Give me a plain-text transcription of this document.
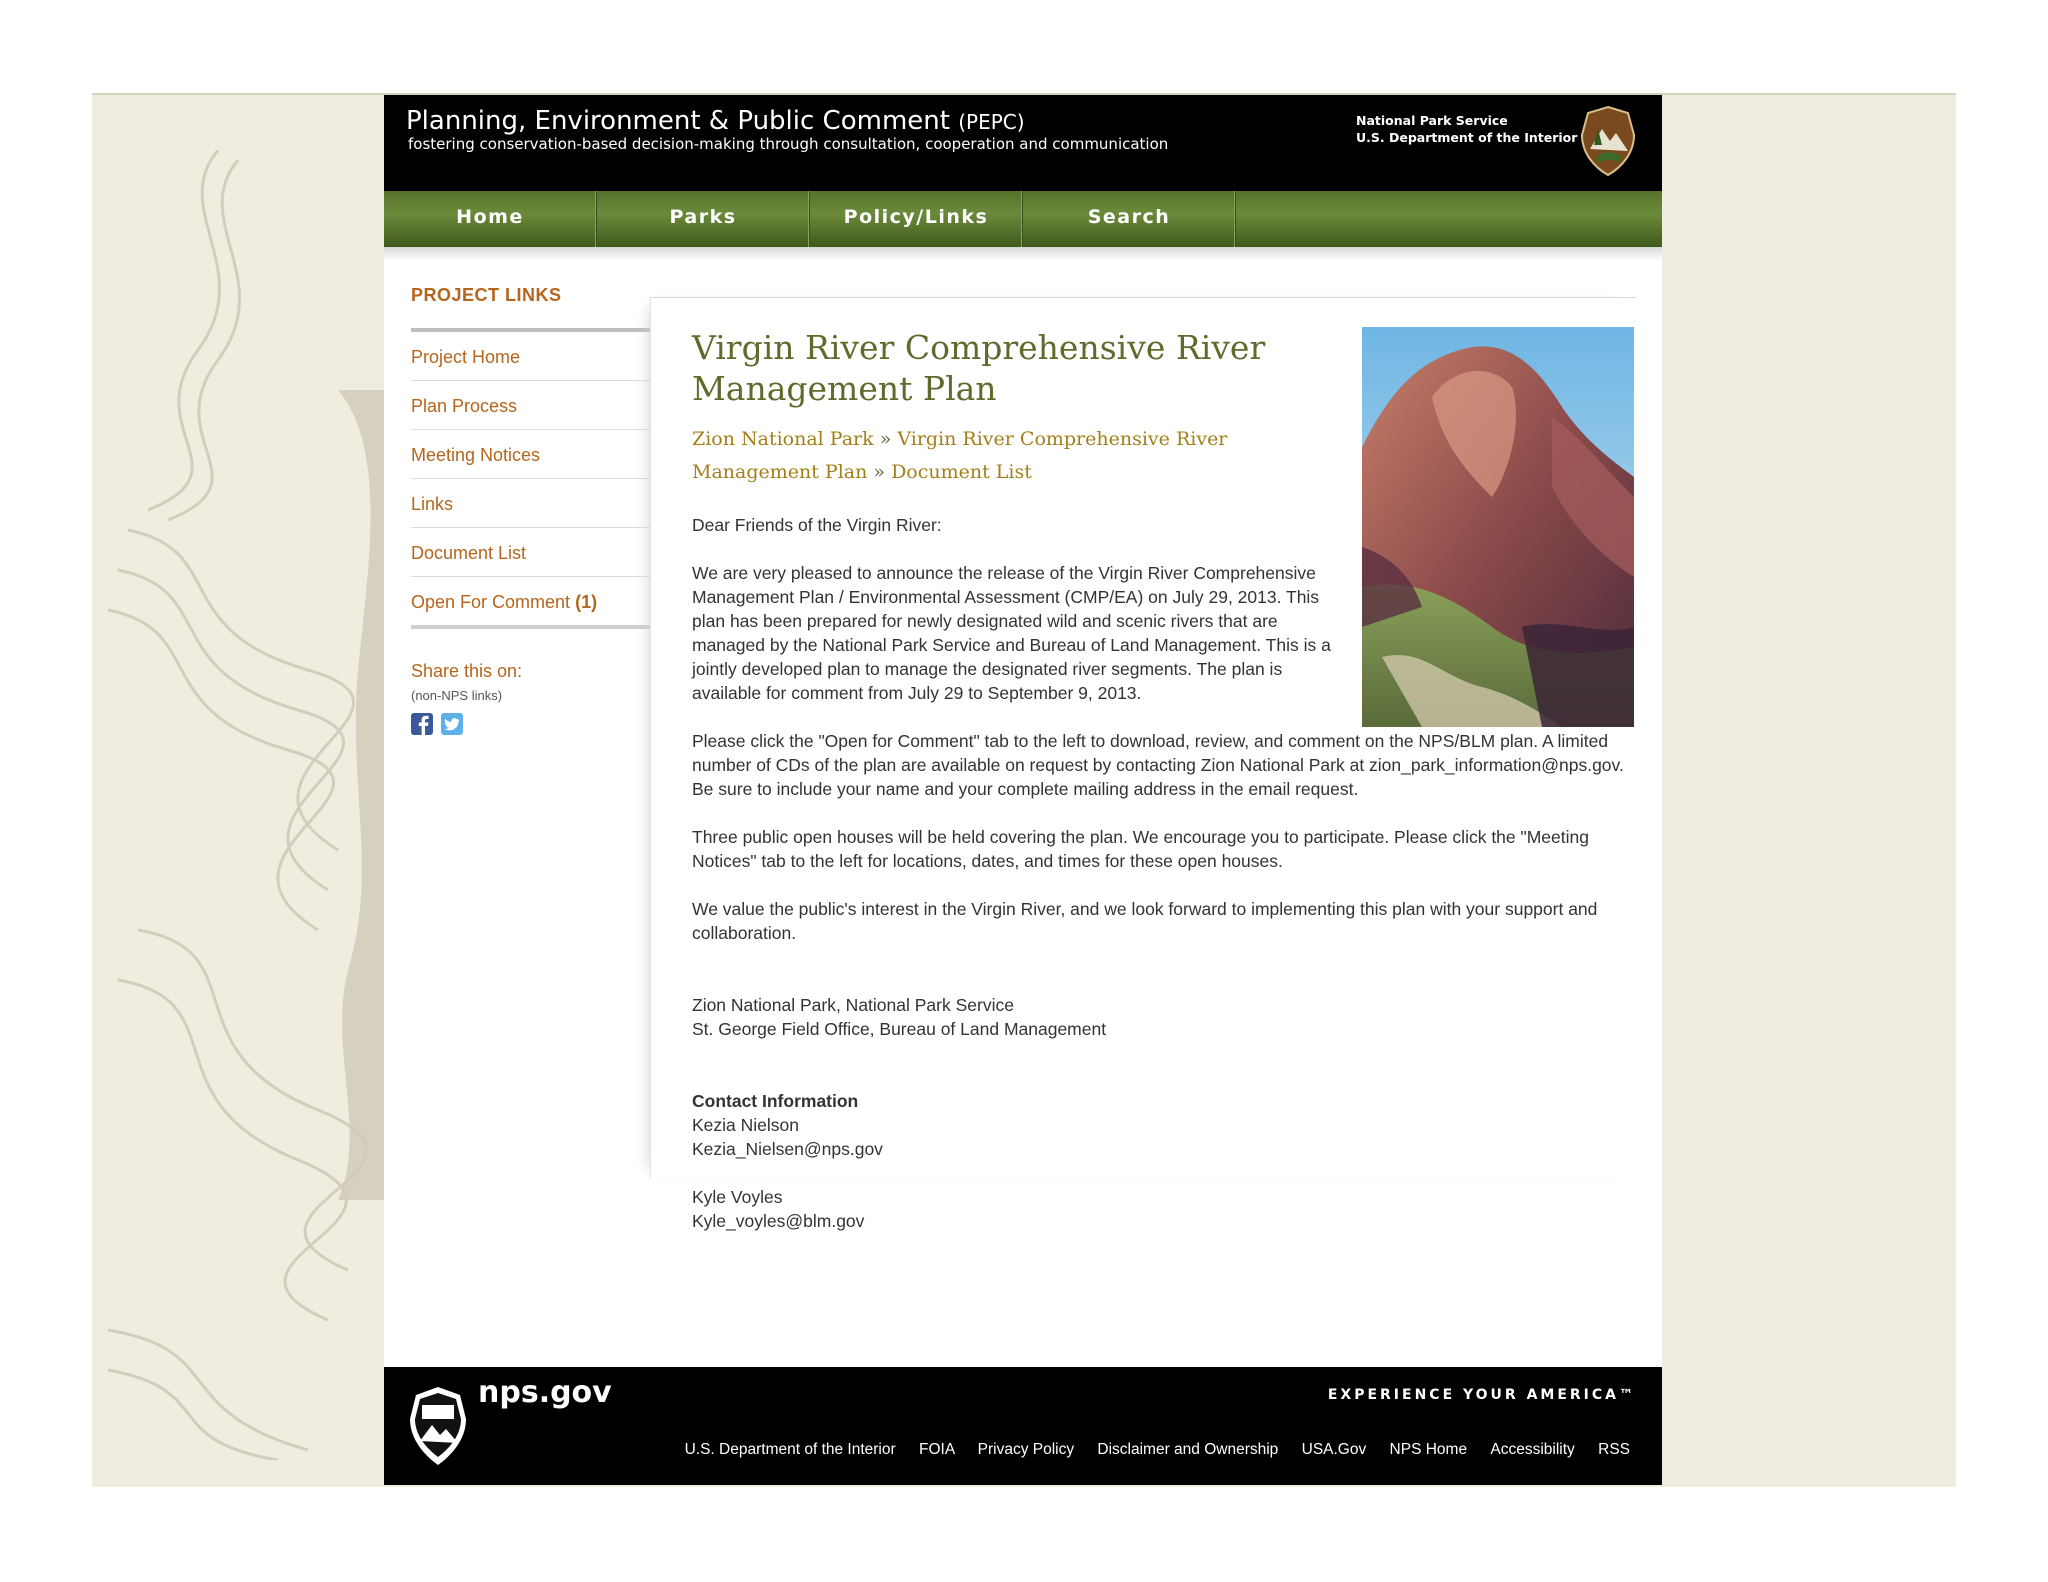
Planning, Environment & Public Comment (PEPC)
fostering conservation-based decision-making through consultation, cooperation and communication
National Park Service
U.S. Department of the Interior
Home	Parks	Policy/Links	Search
PROJECT LINKS
Project Home
Plan Process
Meeting Notices
Links
Document List
Open For Comment (1)
Share this on:
(non-NPS links)

Virgin River Comprehensive River Management Plan
Zion National Park » Virgin River Comprehensive River Management Plan » Document List

Dear Friends of the Virgin River:

We are very pleased to announce the release of the Virgin River Comprehensive Management Plan / Environmental Assessment (CMP/EA) on July 29, 2013. This plan has been prepared for newly designated wild and scenic rivers that are managed by the National Park Service and Bureau of Land Management. This is a jointly developed plan to manage the designated river segments. The plan is available for comment from July 29 to September 9, 2013.

Please click the "Open for Comment" tab to the left to download, review, and comment on the NPS/BLM plan. A limited number of CDs of the plan are available on request by contacting Zion National Park at zion_park_information@nps.gov. Be sure to include your name and your complete mailing address in the email request.

Three public open houses will be held covering the plan. We encourage you to participate. Please click the "Meeting Notices" tab to the left for locations, dates, and times for these open houses.

We value the public's interest in the Virgin River, and we look forward to implementing this plan with your support and collaboration.

Zion National Park, National Park Service
St. George Field Office, Bureau of Land Management
Contact Information
Kezia Nielson
Kezia_Nielsen@nps.gov
Kyle Voyles
Kyle_voyles@blm.gov
nps.gov	EXPERIENCE YOUR AMERICA™
U.S. Department of the Interior FOIA Privacy Policy Disclaimer and Ownership USA.Gov NPS Home Accessibility RSS
